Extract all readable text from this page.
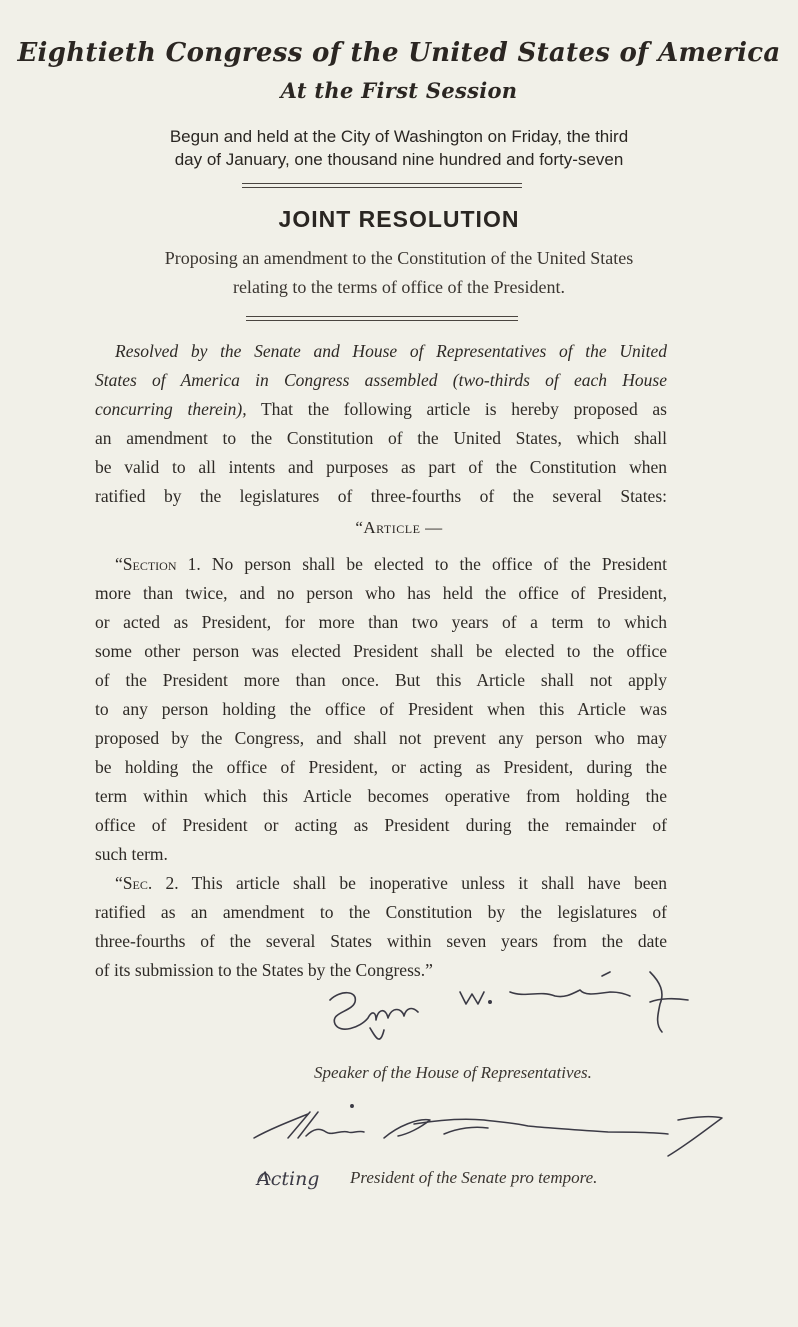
Eightieth Congress of the United States of America
At the First Session
Begun and held at the City of Washington on Friday, the third
day of January, one thousand nine hundred and forty-seven
JOINT RESOLUTION
Proposing an amendment to the Constitution of the United States
relating to the terms of office of the President.
Resolved by the Senate and House of Representatives of the United
States of America in Congress assembled (two-thirds of each House
concurring therein), That the following article is hereby proposed as
an amendment to the Constitution of the United States, which shall
be valid to all intents and purposes as part of the Constitution when
ratified by the legislatures of three-fourths of the several States:
“Article —
“Section 1. No person shall be elected to the office of the President
more than twice, and no person who has held the office of President,
or acted as President, for more than two years of a term to which
some other person was elected President shall be elected to the office
of the President more than once. But this Article shall not apply
to any person holding the office of President when this Article was
proposed by the Congress, and shall not prevent any person who may
be holding the office of President, or acting as President, during the
term within which this Article becomes operative from holding the
office of President or acting as President during the remainder of
such term.
“Sec. 2. This article shall be inoperative unless it shall have been
ratified as an amendment to the Constitution by the legislatures of
three-fourths of the several States within seven years from the date
of its submission to the States by the Congress.”
Speaker of the House of Representatives.
Acting President of the Senate pro tempore.
